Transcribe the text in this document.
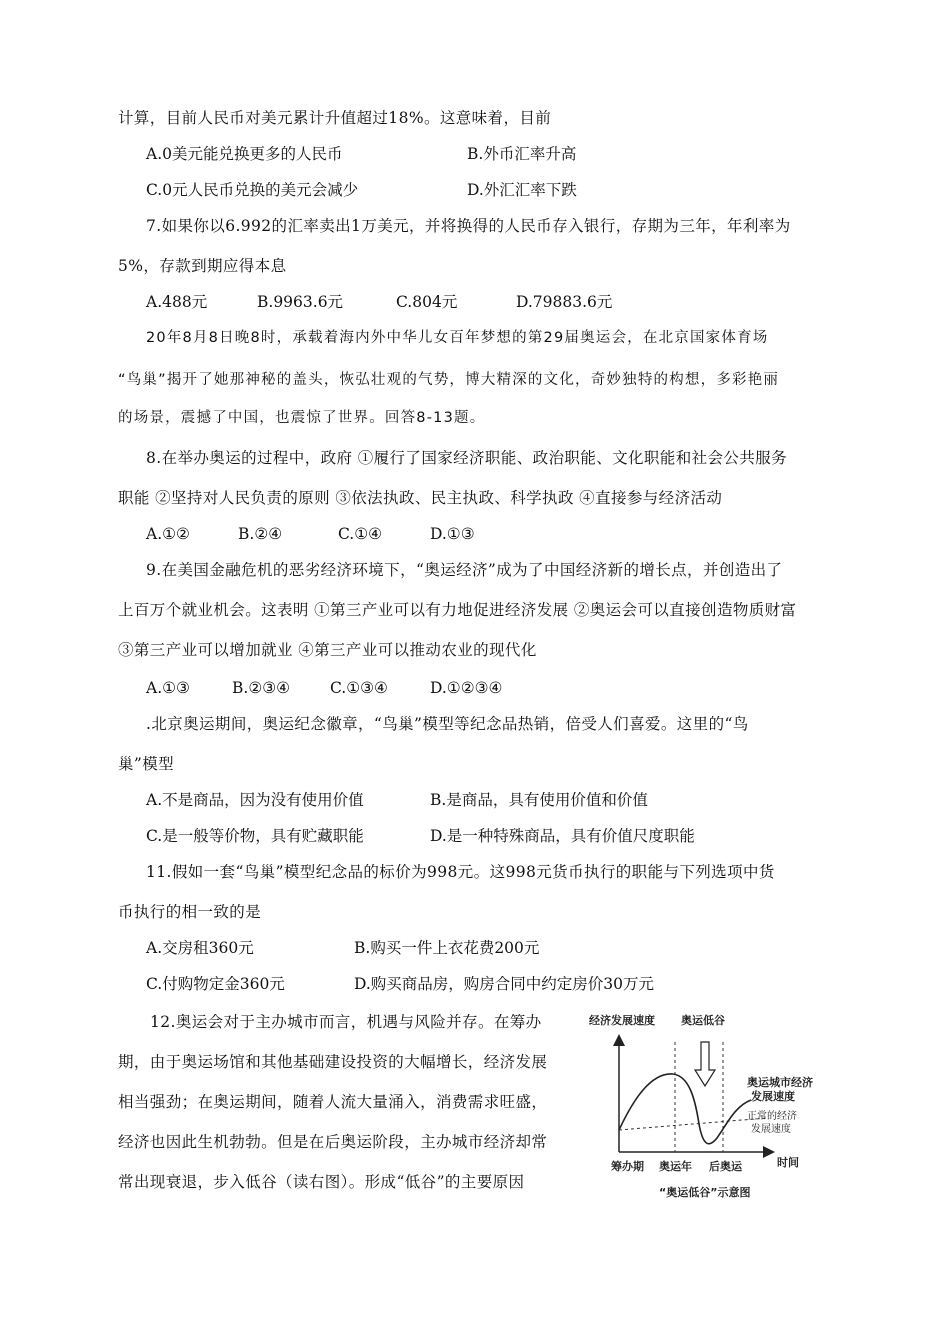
计算，目前人民币对美元累计升值超过18%。这意味着，目前
A.0美元能兑换更多的人民币	B.外币汇率升高
C.0元人民币兑换的美元会减少	D.外汇汇率下跌
7.如果你以6.992的汇率卖出1万美元，并将换得的人民币存入银行，存期为三年，年利率为
5%，存款到期应得本息
A.488元	B.9963.6元	C.804元	D.79883.6元
20年8月8日晚8时，承载着海内外中华儿女百年梦想的第29届奥运会，在北京国家体育场
“鸟巢”揭开了她那神秘的盖头，恢弘壮观的气势，博大精深的文化，奇妙独特的构想，多彩艳丽
的场景，震撼了中国，也震惊了世界。回答8-13题。
8.在举办奥运的过程中，政府 ①履行了国家经济职能、政治职能、文化职能和社会公共服务
职能 ②坚持对人民负责的原则 ③依法执政、民主执政、科学执政 ④直接参与经济活动
A.①②	B.②④	C.①④	D.①③
9.在美国金融危机的恶劣经济环境下，“奥运经济”成为了中国经济新的增长点，并创造出了
上百万个就业机会。这表明 ①第三产业可以有力地促进经济发展 ②奥运会可以直接创造物质财富
③第三产业可以增加就业 ④第三产业可以推动农业的现代化
A.①③	B.②③④	C.①③④	D.①②③④
.北京奥运期间，奥运纪念徽章，“鸟巢”模型等纪念品热销，倍受人们喜爱。这里的“鸟
巢”模型
A.不是商品，因为没有使用价值	B.是商品，具有使用价值和价值
C.是一般等价物，具有贮藏职能	D.是一种特殊商品，具有价值尺度职能
11.假如一套“鸟巢”模型纪念品的标价为998元。这998元货币执行的职能与下列选项中货
币执行的相一致的是
A.交房租360元	B.购买一件上衣花费200元
C.付购物定金360元	D.购买商品房，购房合同中约定房价30万元
12.奥运会对于主办城市而言，机遇与风险并存。在筹办
期，由于奥运场馆和其他基础建设投资的大幅增长，经济发展
相当强劲；在奥运期间，随着人流大量涌入，消费需求旺盛，
经济也因此生机勃勃。但是在后奥运阶段，主办城市经济却常
常出现衰退，步入低谷（读右图）。形成“低谷”的主要原因
经济发展速度 奥运低谷
奥运城市经济
发展速度
正常的经济
发展速度
筹办期 奥运年 后奥运	时间
“奥运低谷”示意图
